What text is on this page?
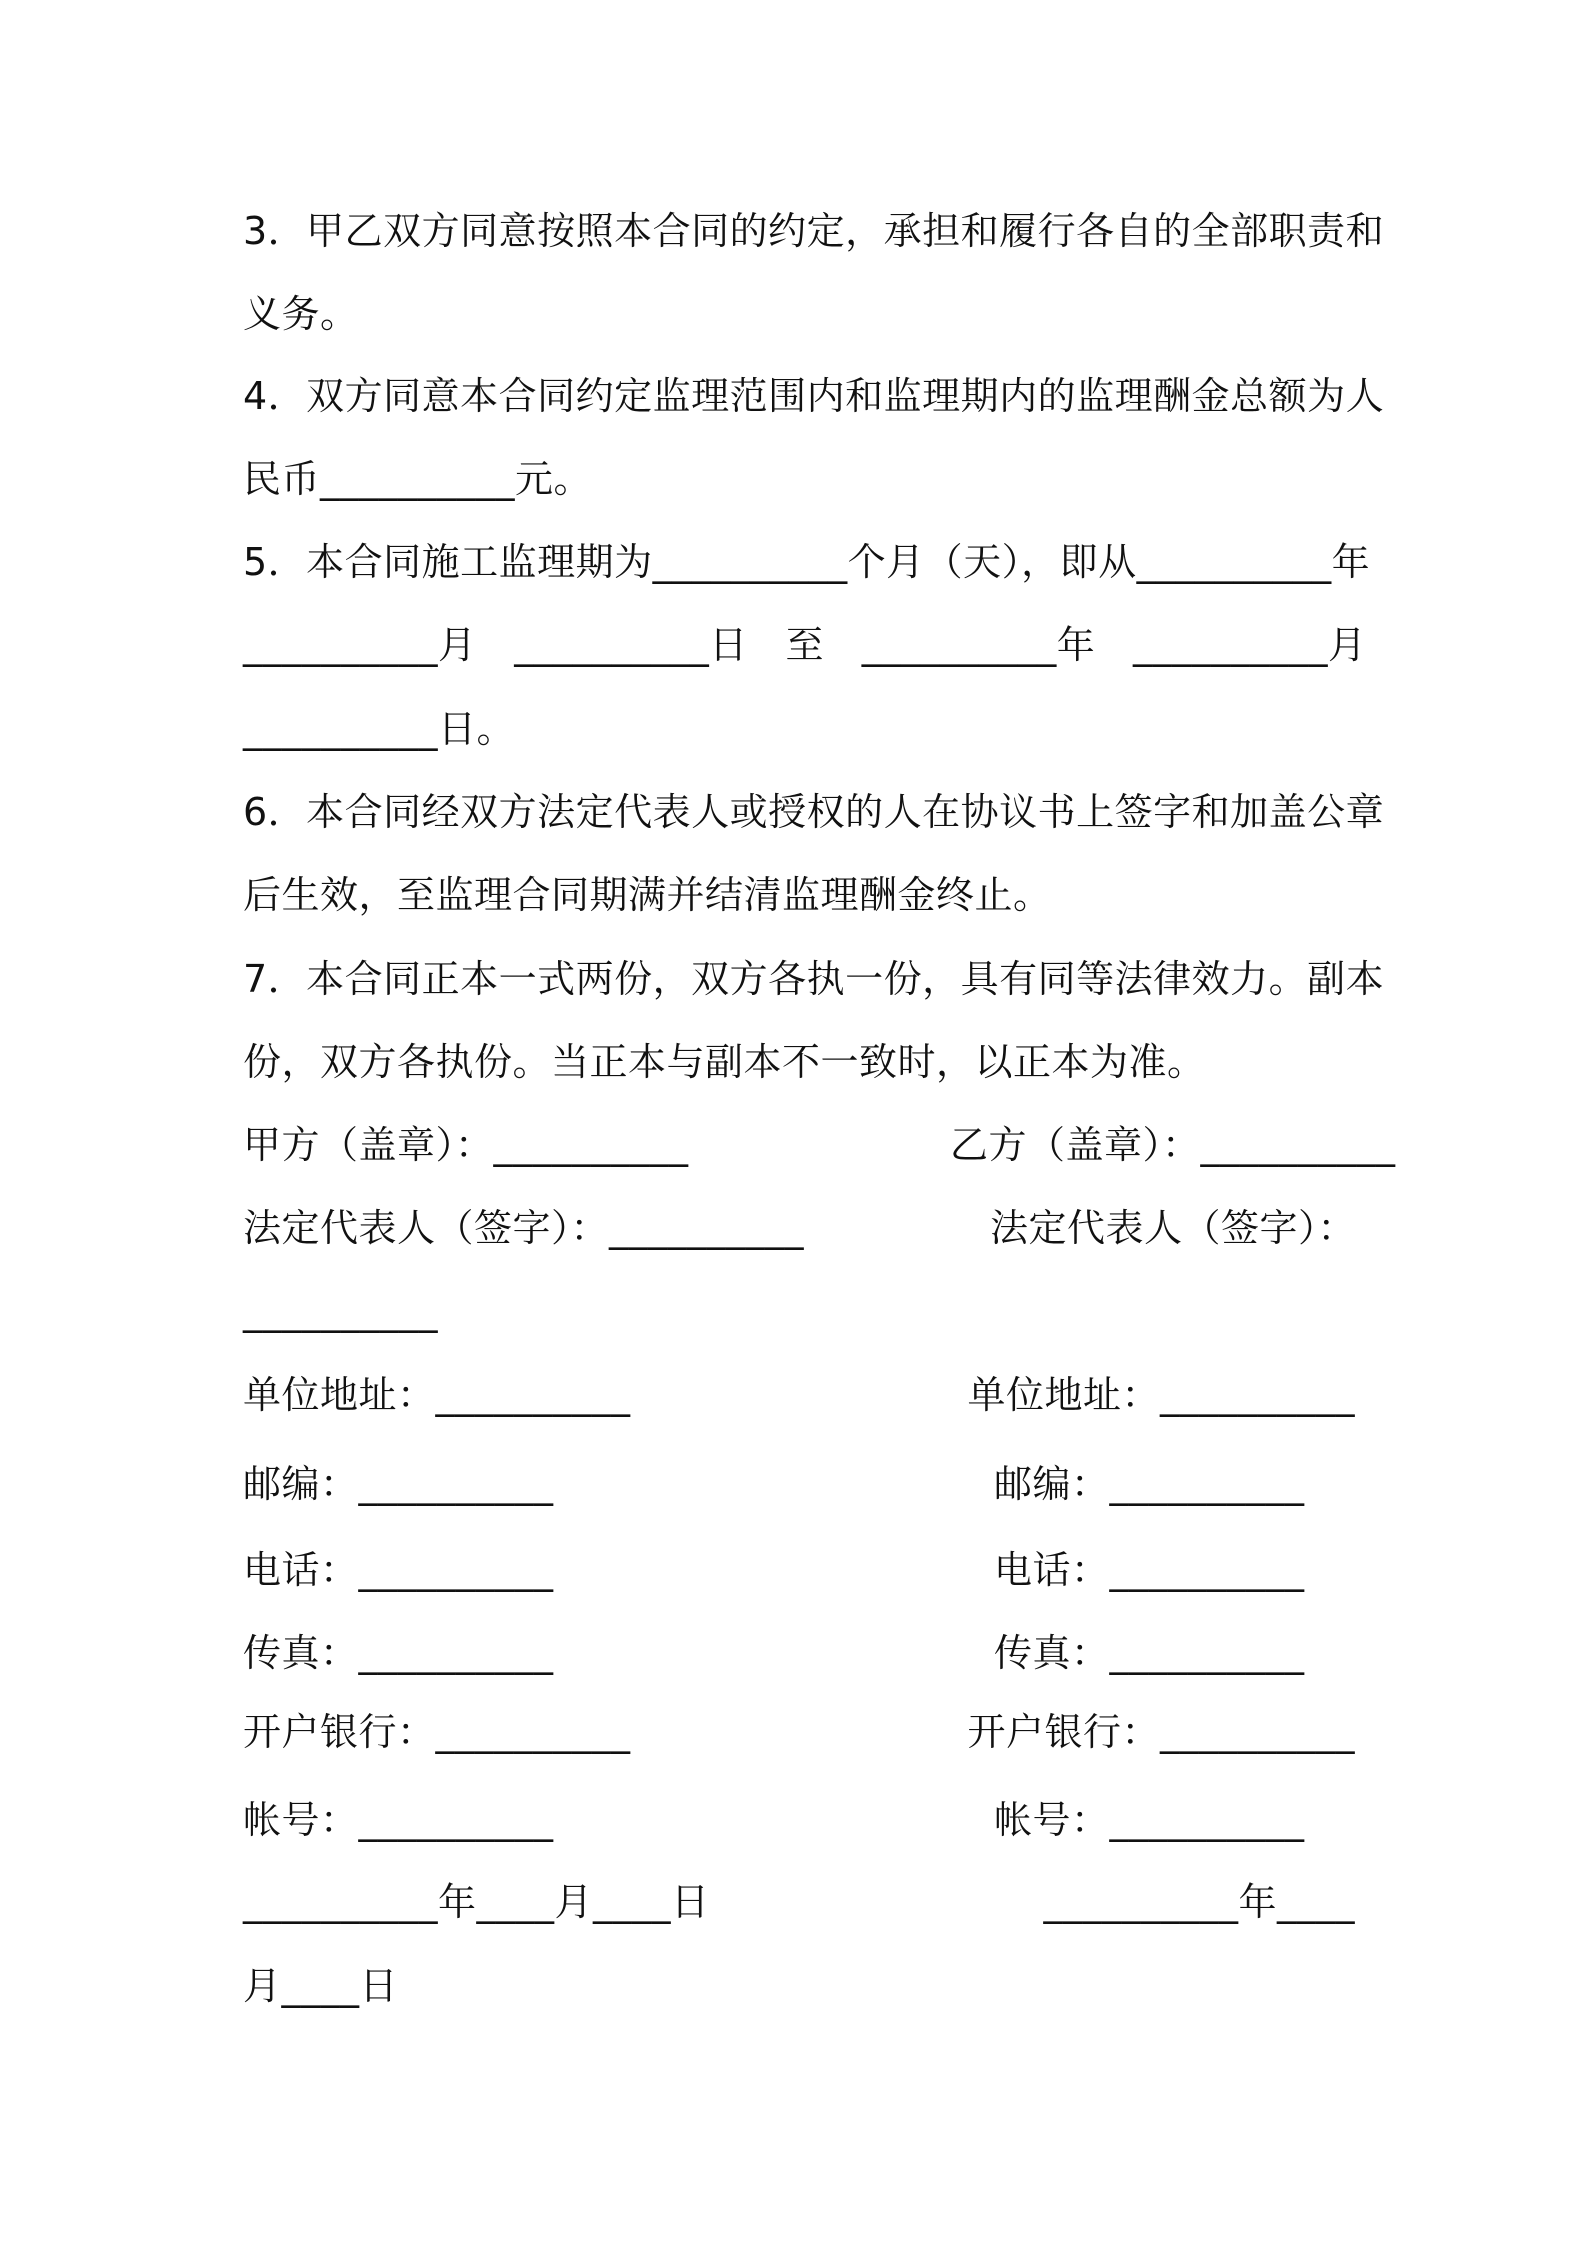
3．甲乙双方同意按照本合同的约定，承担和履行各自的全部职责和
义务。
4．双方同意本合同约定监理范围内和监理期内的监理酬金总额为人
民币__________元。
5．本合同施工监理期为__________个月（天），即从__________年
__________月   __________日   至   __________年   __________月
__________日。
6．本合同经双方法定代表人或授权的人在协议书上签字和加盖公章
后生效，至监理合同期满并结清监理酬金终止。
7．本合同正本一式两份，双方各执一份，具有同等法律效力。副本
份，双方各执份。当正本与副本不一致时，以正本为准。
甲方（盖章）：__________
法定代表人（签字）：__________
单位地址：__________
邮编：__________
电话：__________
传真：__________
开户银行：__________
帐号：__________
__________年____月____日
乙方（盖章）：__________
法定代表人（签字）：
__________
单位地址：__________
邮编：__________
电话：__________
传真：__________
开户银行：__________
帐号：__________
__________年____
月____日
